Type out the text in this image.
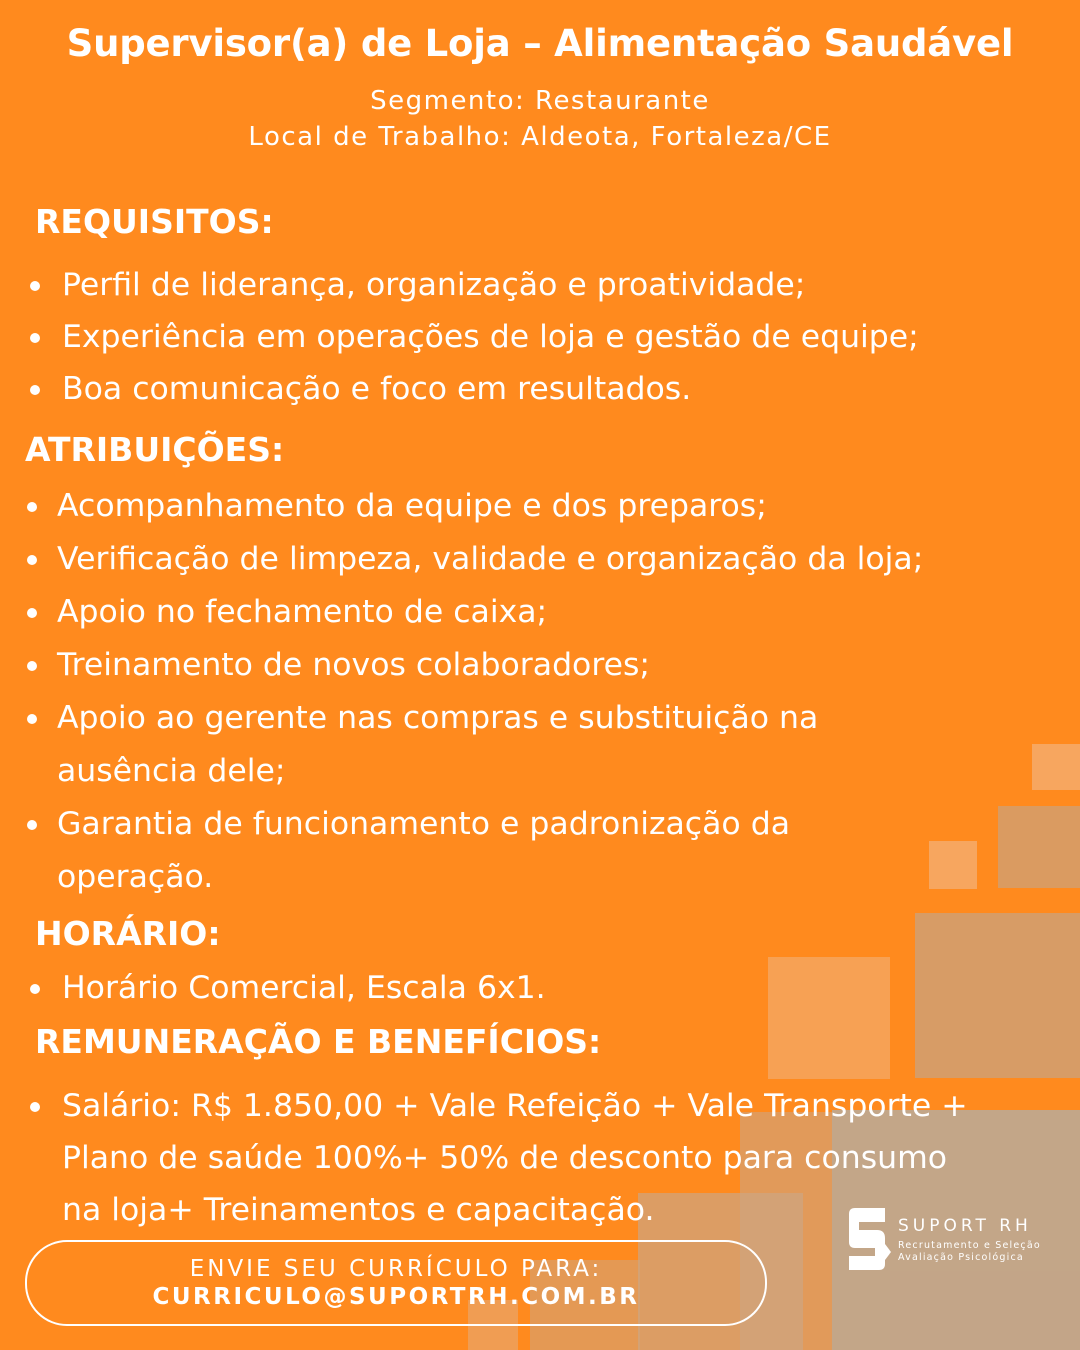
Supervisor(a) de Loja – Alimentação Saudável
Segmento: Restaurante
Local de Trabalho: Aldeota, Fortaleza/CE
REQUISITOS:
Perfil de liderança, organização e proatividade;
Experiência em operações de loja e gestão de equipe;
Boa comunicação e foco em resultados.
ATRIBUIÇÕES:
Acompanhamento da equipe e dos preparos;
Verificação de limpeza, validade e organização da loja;
Apoio no fechamento de caixa;
Treinamento de novos colaboradores;
Apoio ao gerente nas compras e substituição na
ausência dele;
Garantia de funcionamento e padronização da
operação.
HORÁRIO:
Horário Comercial, Escala 6x1.
REMUNERAÇÃO E BENEFÍCIOS:
Salário: R$ 1.850,00 + Vale Refeição + Vale Transporte +
Plano de saúde 100%+ 50% de desconto para consumo
na loja+ Treinamentos e capacitação.
ENVIE SEU CURRÍCULO PARA:
CURRICULO@SUPORTRH.COM.BR
SUPORT RH
Recrutamento e Seleção
Avaliação Psicológica
